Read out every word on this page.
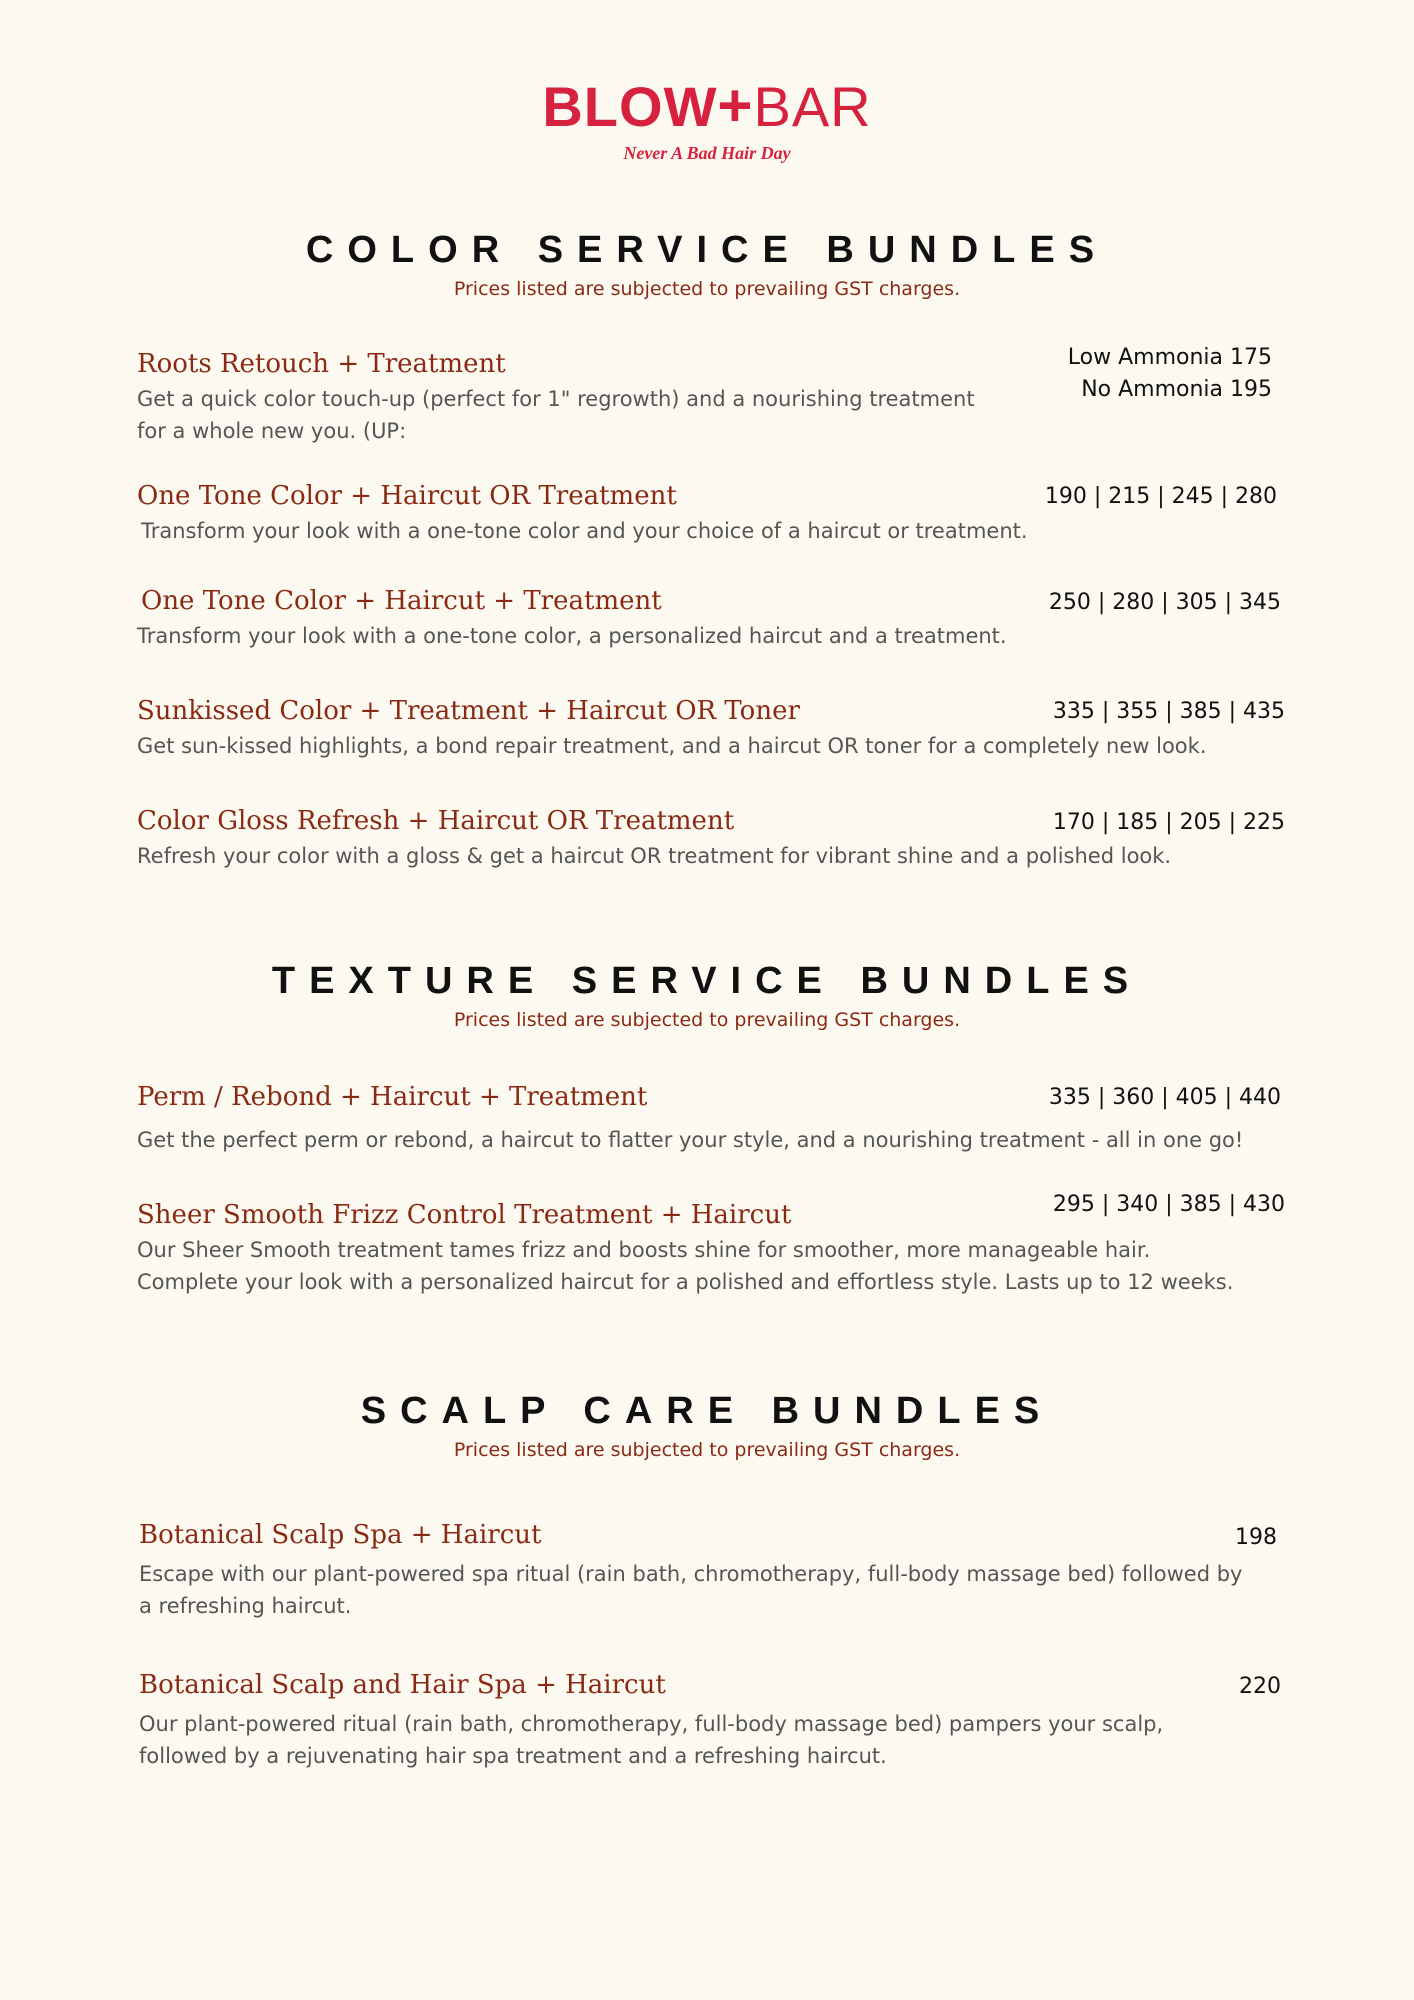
BLOW+BAR
Never A Bad Hair Day
COLOR SERVICE BUNDLES
Prices listed are subjected to prevailing GST charges.
Roots Retouch + Treatment
Get a quick color touch-up (perfect for 1" regrowth) and a nourishing treatment for a whole new you. (UP:
Low Ammonia 175
No Ammonia 195
One Tone Color + Haircut OR Treatment
Transform your look with a one-tone color and your choice of a haircut or treatment.
190 | 215 | 245 | 280
One Tone Color + Haircut + Treatment
Transform your look with a one-tone color, a personalized haircut and a treatment.
250 | 280 | 305 | 345
Sunkissed Color + Treatment + Haircut OR Toner
Get sun-kissed highlights, a bond repair treatment, and a haircut OR toner for a completely new look.
335 | 355 | 385 | 435
Color Gloss Refresh + Haircut OR Treatment
Refresh your color with a gloss & get a haircut OR treatment for vibrant shine and a polished look.
170 | 185 | 205 | 225
TEXTURE SERVICE BUNDLES
Prices listed are subjected to prevailing GST charges.
Perm / Rebond + Haircut + Treatment
Get the perfect perm or rebond, a haircut to flatter your style, and a nourishing treatment - all in one go!
335 | 360 | 405 | 440
Sheer Smooth Frizz Control Treatment + Haircut
Our Sheer Smooth treatment tames frizz and boosts shine for smoother, more manageable hair.
Complete your look with a personalized haircut for a polished and effortless style. Lasts up to 12 weeks.
295 | 340 | 385 | 430
SCALP CARE BUNDLES
Prices listed are subjected to prevailing GST charges.
Botanical Scalp Spa + Haircut
Escape with our plant-powered spa ritual (rain bath, chromotherapy, full-body massage bed) followed by
a refreshing haircut.
198
Botanical Scalp and Hair Spa + Haircut
Our plant-powered ritual (rain bath, chromotherapy, full-body massage bed) pampers your scalp,
followed by a rejuvenating hair spa treatment and a refreshing haircut.
220
